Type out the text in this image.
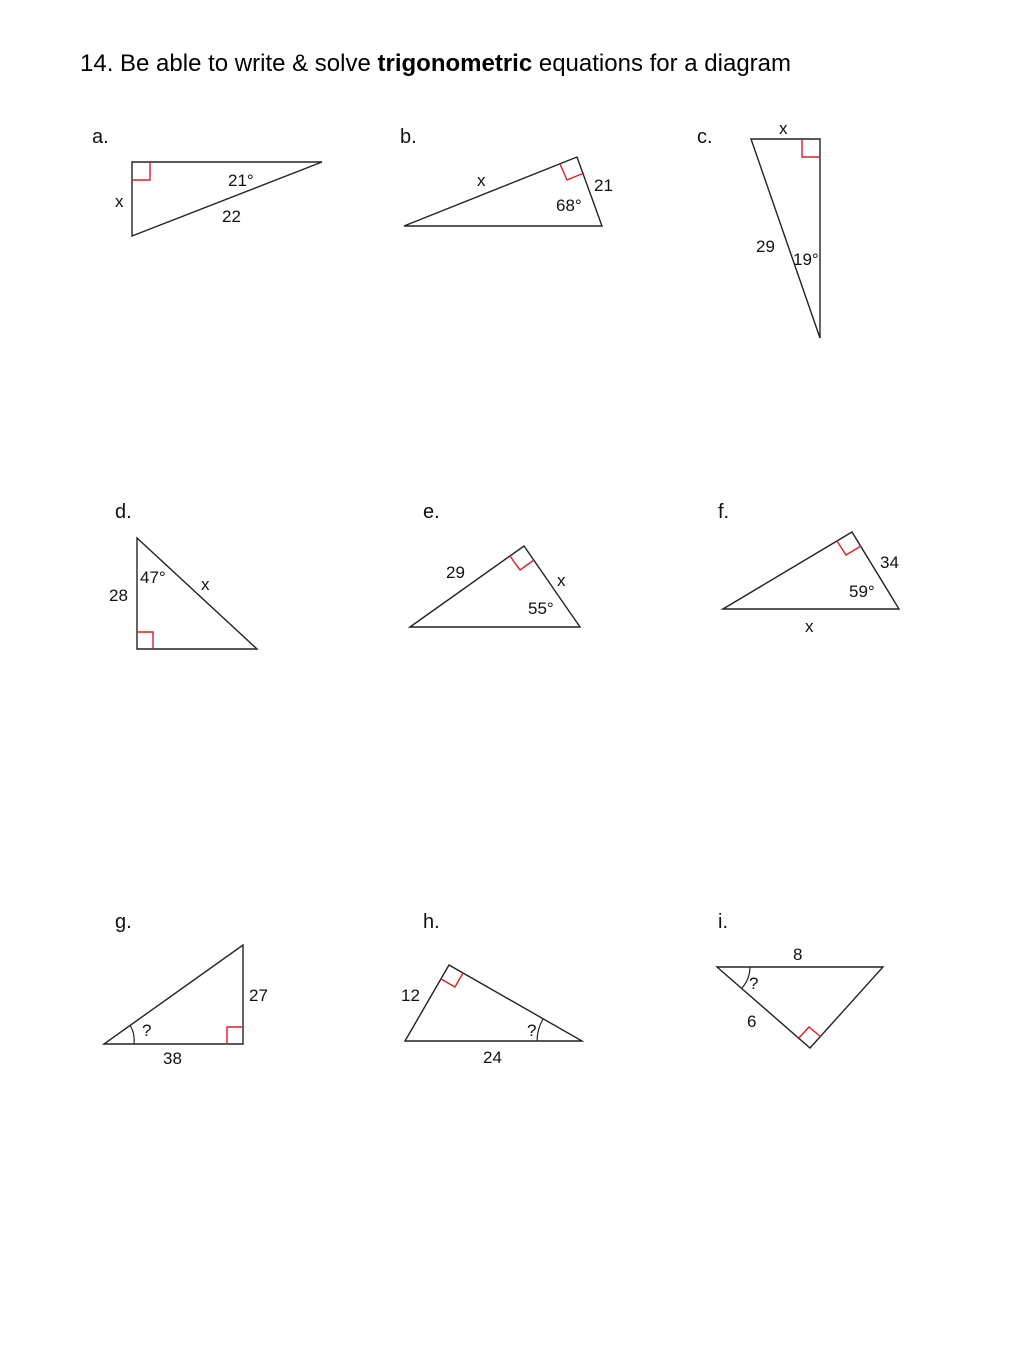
14. Be able to write & solve trigonometric equations for a diagram
a.
21°
22
x
b.
x
68°
21
c.	x
29
19°
d.
28
47° x
e.
29	x
55°
f.
34
59°
x
g.
27
38
?
h.
12
24
?
i.
8
6
?
